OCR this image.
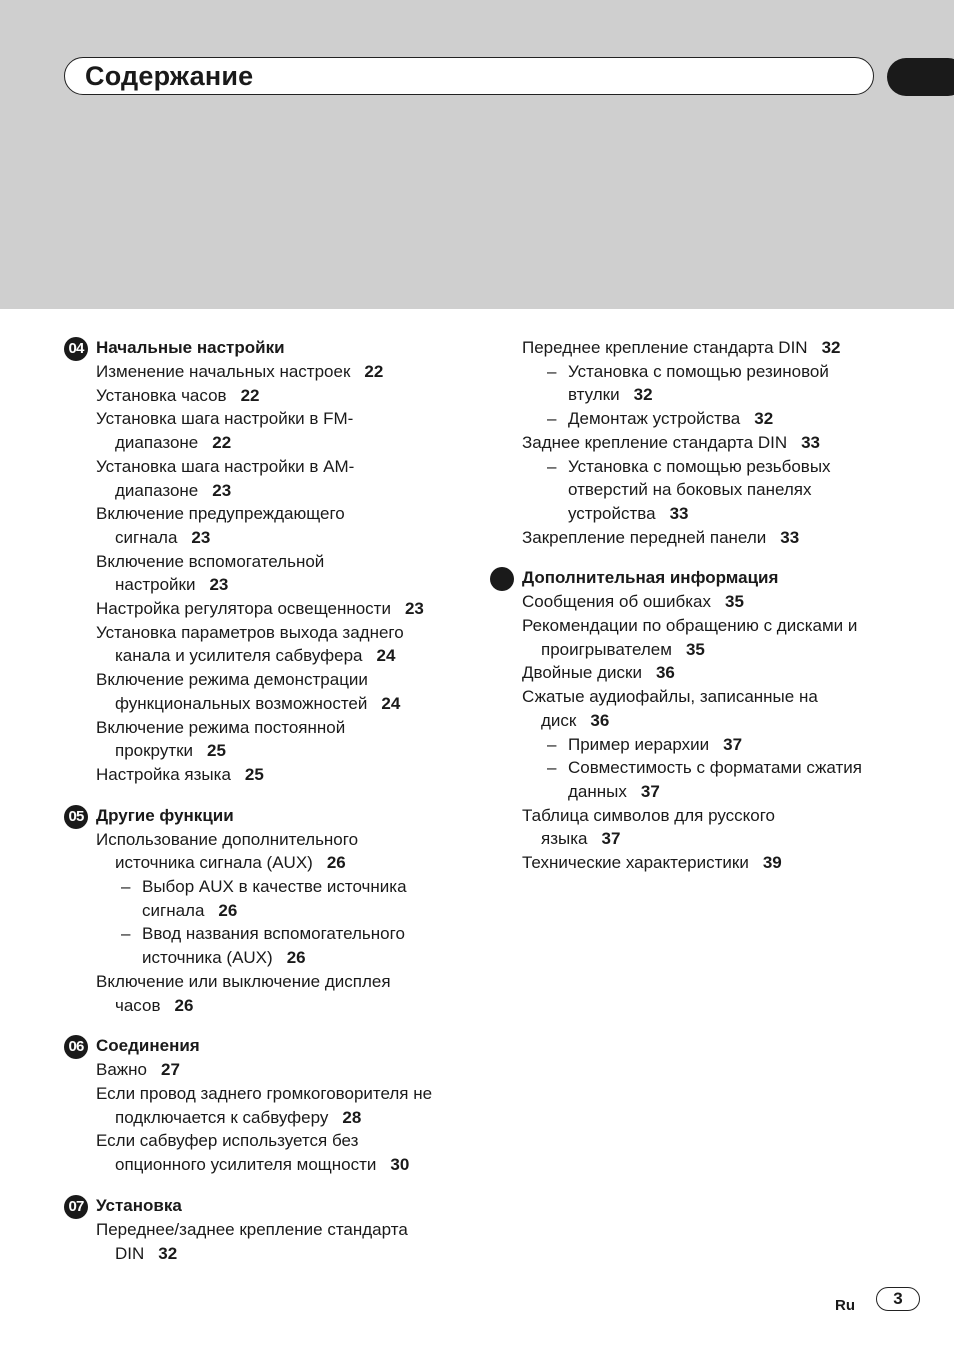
Содержание
04 Начальные настройки
Изменение начальных настроек 22
Установка часов 22
Установка шага настройки в FM-
диапазоне 22
Установка шага настройки в AM-
диапазоне 23
Включение предупреждающего
сигнала 23
Включение вспомогательной
настройки 23
Настройка регулятора освещенности 23
Установка параметров выхода заднего
канала и усилителя сабвуфера 24
Включение режима демонстрации
функциональных возможностей 24
Включение режима постоянной
прокрутки 25
Настройка языка 25
05 Другие функции
Использование дополнительного
источника сигнала (AUX) 26
– Выбор AUX в качестве источника
сигнала 26
– Ввод названия вспомогательного
источника (AUX) 26
Включение или выключение дисплея
часов 26
06 Соединения
Важно 27
Если провод заднего громкоговорителя не
подключается к сабвуферу 28
Если сабвуфер используется без
опционного усилителя мощности 30
07 Установка
Переднее/заднее крепление стандарта
DIN 32
Переднее крепление стандарта DIN 32
– Установка с помощью резиновой
втулки 32
– Демонтаж устройства 32
Заднее крепление стандарта DIN 33
– Установка с помощью резьбовых
отверстий на боковых панелях
устройства 33
Закрепление передней панели 33
Дополнительная информация
Сообщения об ошибках 35
Рекомендации по обращению с дисками и
проигрывателем 35
Двойные диски 36
Сжатые аудиофайлы, записанные на
диск 36
– Пример иерархии 37
– Совместимость с форматами сжатия
данных 37
Таблица символов для русского
языка 37
Технические характеристики 39
Ru	3
